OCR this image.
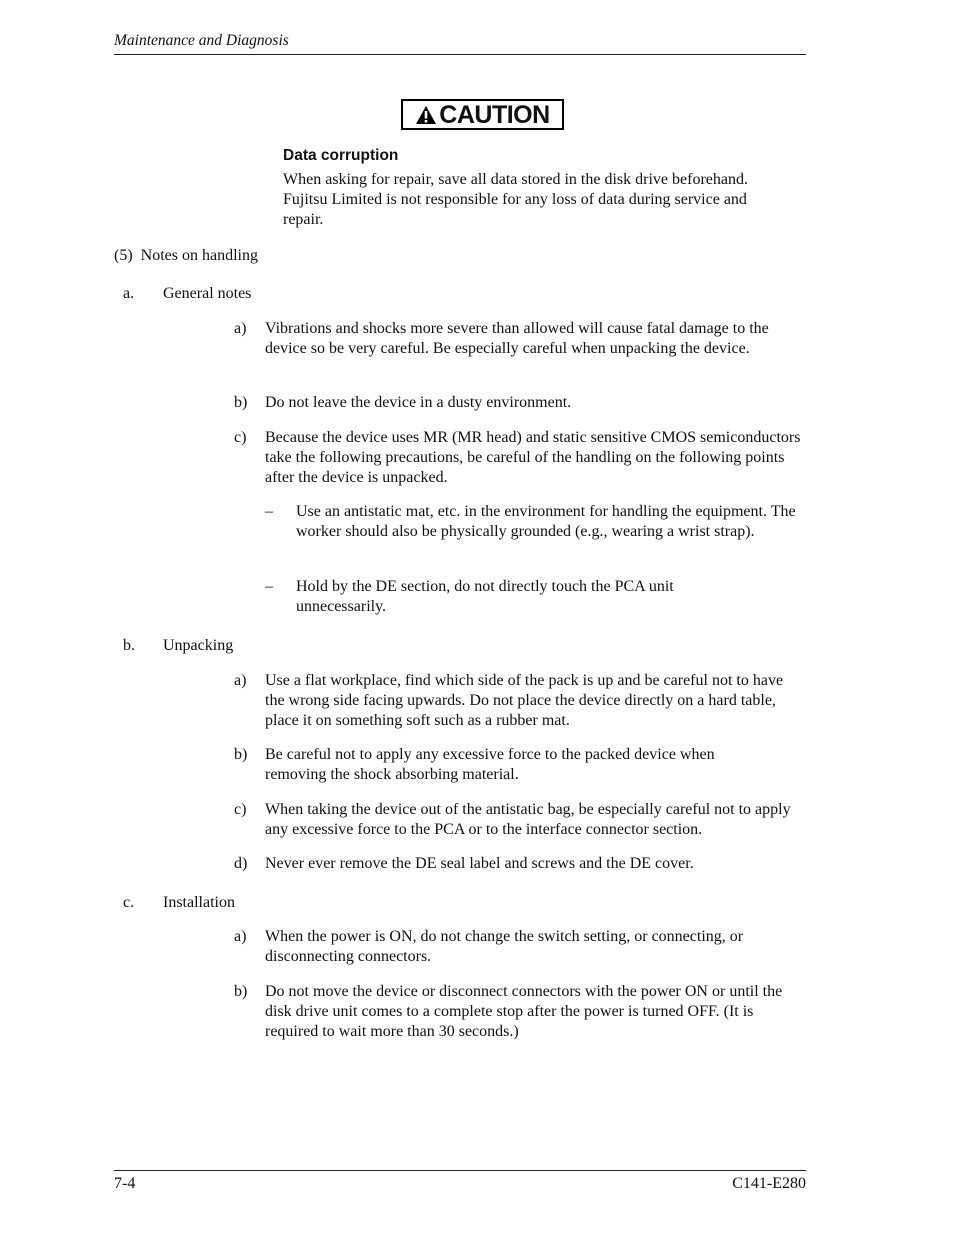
Maintenance and Diagnosis
CAUTION
Data corruption
When asking for repair, save all data stored in the disk drive beforehand. Fujitsu Limited is not responsible for any loss of data during service and repair.
(5) Notes on handling
a. General notes
a) Vibrations and shocks more severe than allowed will cause fatal damage to the device so be very careful. Be especially careful when unpacking the device.
b) Do not leave the device in a dusty environment.
c) Because the device uses MR (MR head) and static sensitive CMOS semiconductors take the following precautions, be careful of the handling on the following points after the device is unpacked.
– Use an antistatic mat, etc. in the environment for handling the equipment. The worker should also be physically grounded (e.g., wearing a wrist strap).
– Hold by the DE section, do not directly touch the PCA unit unnecessarily.
b. Unpacking
a) Use a flat workplace, find which side of the pack is up and be careful not to have the wrong side facing upwards. Do not place the device directly on a hard table, place it on something soft such as a rubber mat.
b) Be careful not to apply any excessive force to the packed device when removing the shock absorbing material.
c) When taking the device out of the antistatic bag, be especially careful not to apply any excessive force to the PCA or to the interface connector section.
d) Never ever remove the DE seal label and screws and the DE cover.
c. Installation
a) When the power is ON, do not change the switch setting, or connecting, or disconnecting connectors.
b) Do not move the device or disconnect connectors with the power ON or until the disk drive unit comes to a complete stop after the power is turned OFF. (It is required to wait more than 30 seconds.)
7-4	C141-E280
